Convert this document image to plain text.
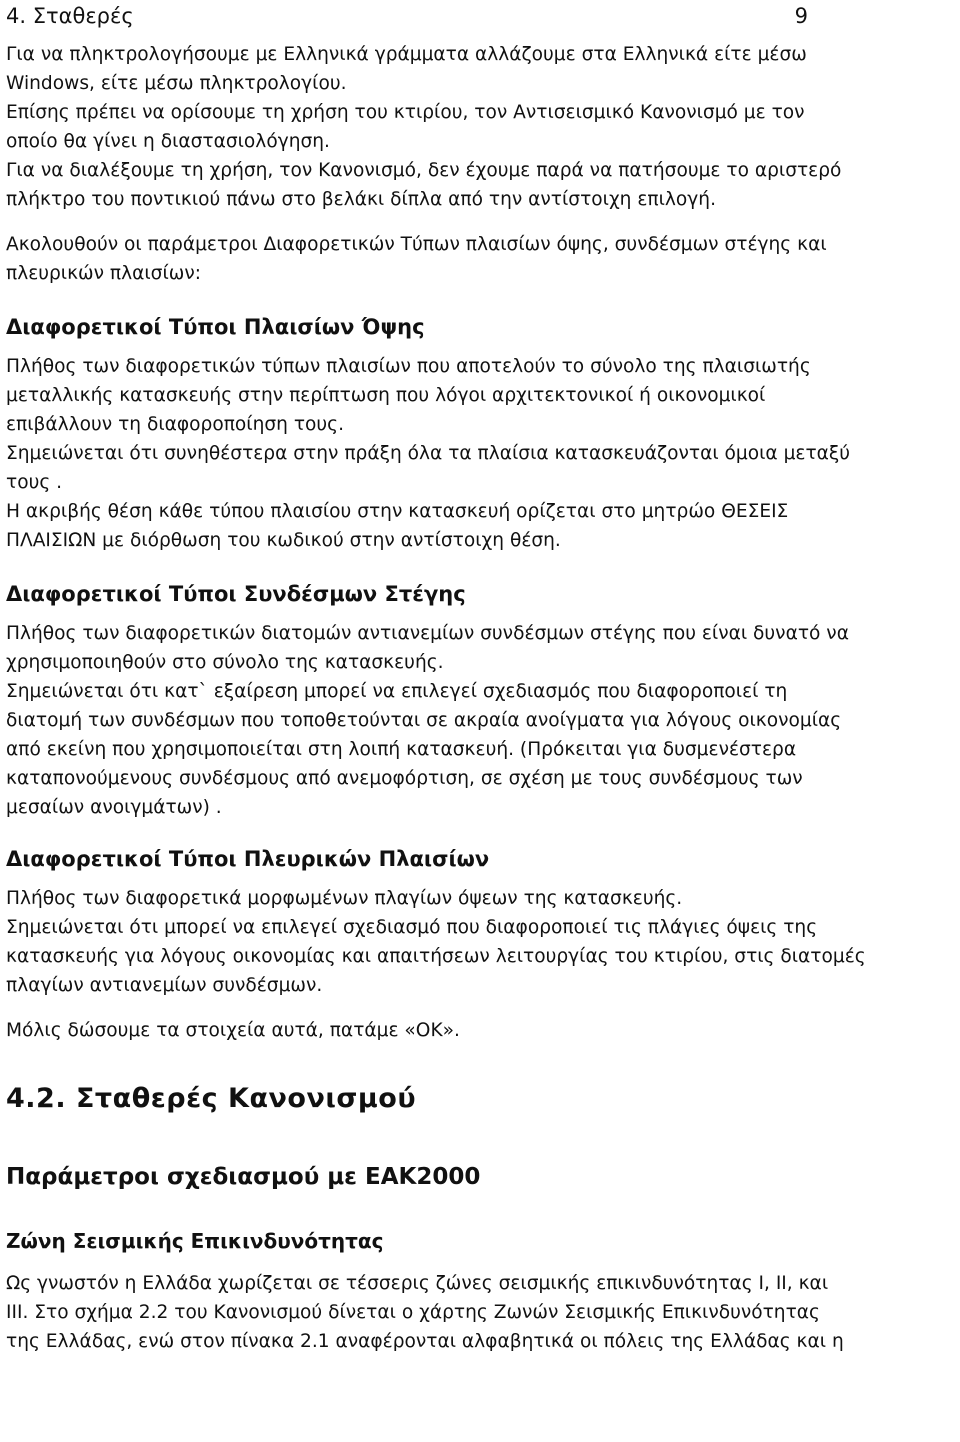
4. Σταθερές	9

Για να πληκτρολογήσουμε με Ελληνικά γράμματα αλλάζουμε στα Ελληνικά είτε μέσω

Windows, είτε μέσω πληκτρολογίου.

Επίσης πρέπει να ορίσουμε τη χρήση του κτιρίου, τον Αντισεισμικό Κανονισμό με τον

οποίο θα γίνει η διαστασιολόγηση.

Για να διαλέξουμε τη χρήση, τον Κανονισμό, δεν έχουμε παρά να πατήσουμε το αριστερό

πλήκτρο του ποντικιού πάνω στο βελάκι δίπλα από την αντίστοιχη επιλογή.

Ακολουθούν οι παράμετροι Διαφορετικών Τύπων πλαισίων όψης, συνδέσμων στέγης και

πλευρικών πλαισίων:

Διαφορετικοί Τύποι Πλαισίων Όψης

Πλήθος των διαφορετικών τύπων πλαισίων που αποτελούν το σύνολο της πλαισιωτής

μεταλλικής κατασκευής στην περίπτωση που λόγοι αρχιτεκτονικοί ή οικονομικοί

επιβάλλουν τη διαφοροποίηση τους.

Σημειώνεται ότι συνηθέστερα στην πράξη όλα τα πλαίσια κατασκευάζονται όμοια μεταξύ

τους .

Η ακριβής θέση κάθε τύπου πλαισίου στην κατασκευή ορίζεται στο μητρώο ΘΕΣΕΙΣ

ΠΛΑΙΣΙΩΝ με διόρθωση του κωδικού στην αντίστοιχη θέση.

Διαφορετικοί Τύποι Συνδέσμων Στέγης

Πλήθος των διαφορετικών διατομών αντιανεμίων συνδέσμων στέγης που είναι δυνατό να

χρησιμοποιηθούν στο σύνολο της κατασκευής.

Σημειώνεται ότι κατ` εξαίρεση μπορεί να επιλεγεί σχεδιασμός που διαφοροποιεί τη

διατομή των συνδέσμων που τοποθετούνται σε ακραία ανοίγματα για λόγους οικονομίας

από εκείνη που χρησιμοποιείται στη λοιπή κατασκευή. (Πρόκειται για δυσμενέστερα

καταπονούμενους συνδέσμους από ανεμοφόρτιση, σε σχέση με τους συνδέσμους των

μεσαίων ανοιγμάτων) .

Διαφορετικοί Τύποι Πλευρικών Πλαισίων

Πλήθος των διαφορετικά μορφωμένων πλαγίων όψεων της κατασκευής.

Σημειώνεται ότι μπορεί να επιλεγεί σχεδιασμό που διαφοροποιεί τις πλάγιες όψεις της

κατασκευής για λόγους οικονομίας και απαιτήσεων λειτουργίας του κτιρίου, στις διατομές

πλαγίων αντιανεμίων συνδέσμων.

Μόλις δώσουμε τα στοιχεία αυτά, πατάμε «ΟΚ».

4.2. Σταθερές Κανονισμού
Παράμετροι σχεδιασμού με ΕΑΚ2000
Ζώνη Σεισμικής Επικινδυνότητας

Ως γνωστόν η Ελλάδα χωρίζεται σε τέσσερις ζώνες σεισμικής επικινδυνότητας I, II, και

III. Στο σχήμα 2.2 του Κανονισμού δίνεται ο χάρτης Ζωνών Σεισμικής Επικινδυνότητας

της Ελλάδας, ενώ στον πίνακα 2.1 αναφέρονται αλφαβητικά οι πόλεις της Ελλάδας και η
